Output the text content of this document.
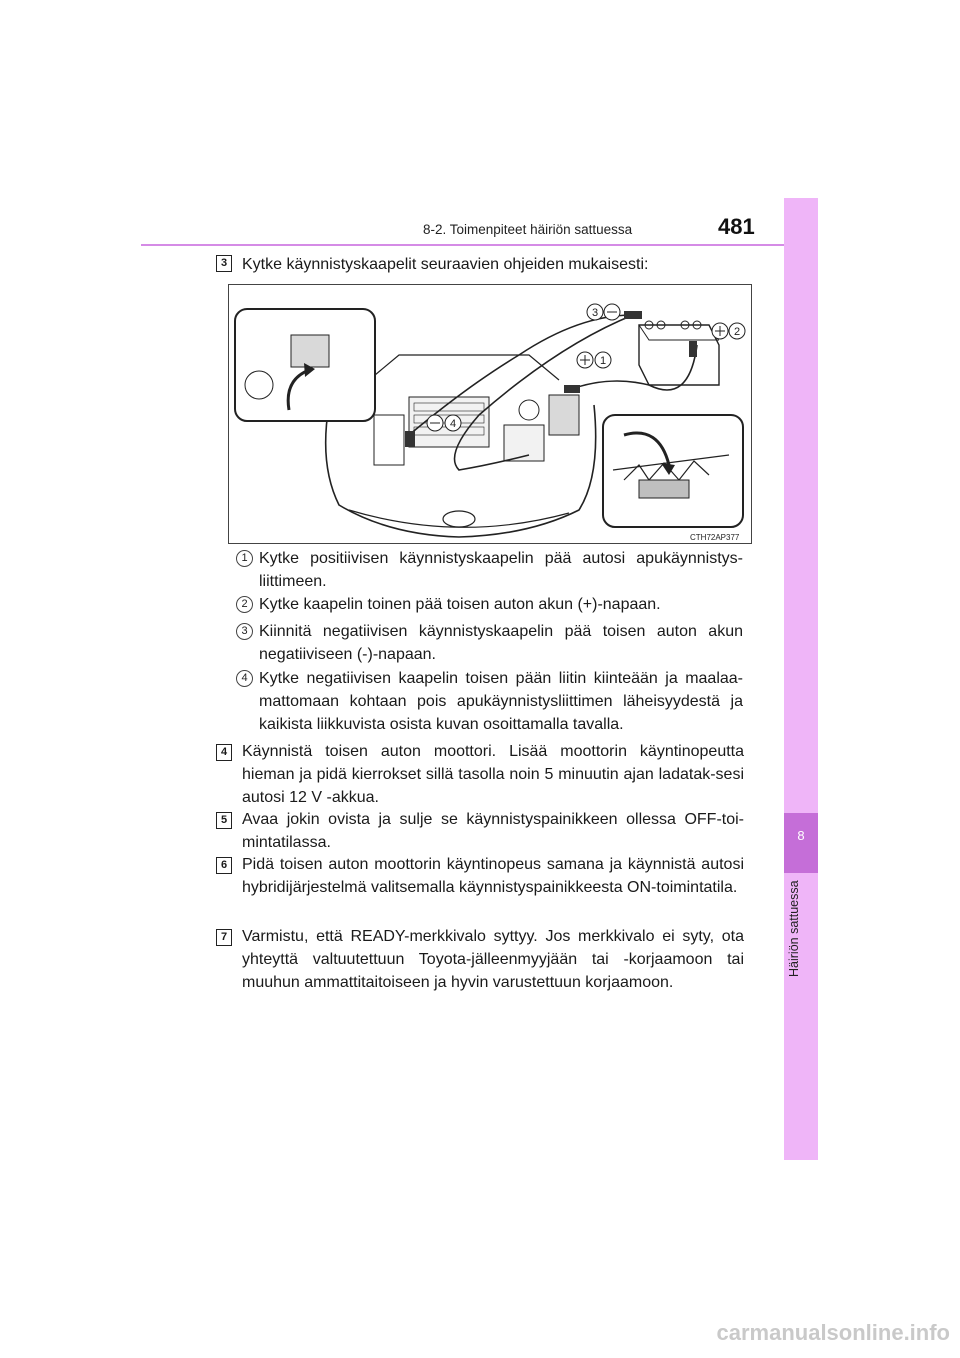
8-2. Toimenpiteet häiriön sattuessa	481
8
Häiriön sattuessa
3 Kytke käynnistyskaapelit seuraavien ohjeiden mukaisesti:
3
2
1
4
CTH72AP377
1 Kytke positiivisen käynnistyskaapelin pää autosi apukäynnistys-liittimeen.
2 Kytke kaapelin toinen pää toisen auton akun (+)-napaan.
3 Kiinnitä negatiivisen käynnistyskaapelin pää toisen auton akun negatiiviseen (-)-napaan.
4 Kytke negatiivisen kaapelin toisen pään liitin kiinteään ja maalaa-mattomaan kohtaan pois apukäynnistysliittimen läheisyydestä ja kaikista liikkuvista osista kuvan osoittamalla tavalla.
4 Käynnistä toisen auton moottori. Lisää moottorin käyntinopeutta hieman ja pidä kierrokset sillä tasolla noin 5 minuutin ajan ladatak-sesi autosi 12 V -akkua.
5 Avaa jokin ovista ja sulje se käynnistyspainikkeen ollessa OFF-toi-mintatilassa.
6 Pidä toisen auton moottorin käyntinopeus samana ja käynnistä autosi hybridijärjestelmä valitsemalla käynnistyspainikkeesta ON-toimintatila.
7 Varmistu, että READY-merkkivalo syttyy. Jos merkkivalo ei syty, ota yhteyttä valtuutettuun Toyota-jälleenmyyjään tai -korjaamoon tai muuhun ammattitaitoiseen ja hyvin varustettuun korjaamoon.
carmanualsonline.info
